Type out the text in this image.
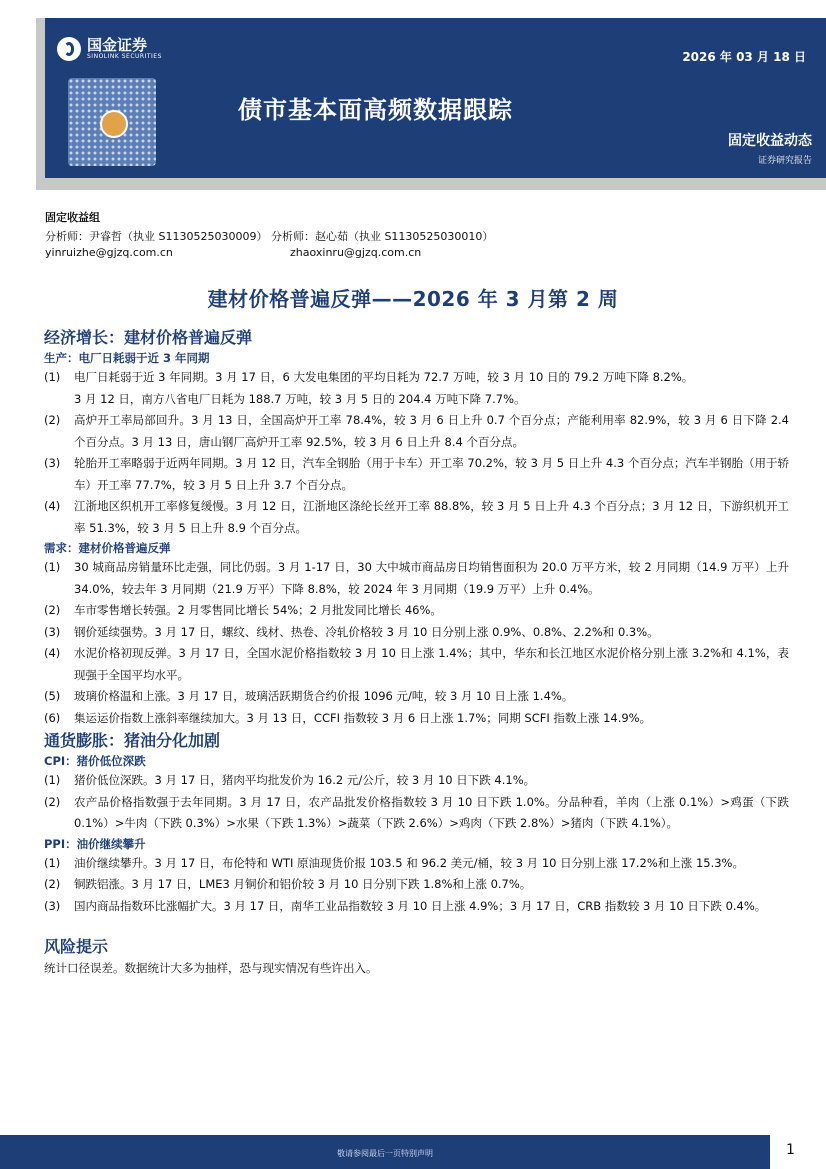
国金证券
SINOLINK SECURITIES	2026 年 03 月 18 日
债市基本面高频数据跟踪
固定收益动态
证券研究报告
固定收益组
分析师：尹睿哲（执业 S1130525030009） 分析师：赵心茹（执业 S1130525030010）
yinruizhe@gjzq.com.cn	zhaoxinru@gjzq.com.cn
建材价格普遍反弹——2026 年 3 月第 2 周
经济增长：建材价格普遍反弹
生产：电厂日耗弱于近 3 年同期
(1)	电厂日耗弱于近 3 年同期。3 月 17 日，6 大发电集团的平均日耗为 72.7 万吨，较 3 月 10 日的 79.2 万吨下降 8.2%。
3 月 12 日，南方八省电厂日耗为 188.7 万吨，较 3 月 5 日的 204.4 万吨下降 7.7%。
(2)	高炉开工率局部回升。3 月 13 日，全国高炉开工率 78.4%，较 3 月 6 日上升 0.7 个百分点；产能利用率 82.9%，较 3 月 6 日下降 2.4 个百分点。3 月 13 日，唐山钢厂高炉开工率 92.5%，较 3 月 6 日上升 8.4 个百分点。
(3)	轮胎开工率略弱于近两年同期。3 月 12 日，汽车全钢胎（用于卡车）开工率 70.2%，较 3 月 5 日上升 4.3 个百分点；汽车半钢胎（用于轿车）开工率 77.7%，较 3 月 5 日上升 3.7 个百分点。
(4)	江浙地区织机开工率修复缓慢。3 月 12 日，江浙地区涤纶长丝开工率 88.8%，较 3 月 5 日上升 4.3 个百分点；3 月 12 日，下游织机开工率 51.3%，较 3 月 5 日上升 8.9 个百分点。
需求：建材价格普遍反弹
(1)	30 城商品房销量环比走强，同比仍弱。3 月 1-17 日，30 大中城市商品房日均销售面积为 20.0 万平方米，较 2 月同期（14.9 万平）上升 34.0%，较去年 3 月同期（21.9 万平）下降 8.8%，较 2024 年 3 月同期（19.9 万平）上升 0.4%。
(2)	车市零售增长转强。2 月零售同比增长 54%；2 月批发同比增长 46%。
(3)	钢价延续强势。3 月 17 日，螺纹、线材、热卷、冷轧价格较 3 月 10 日分别上涨 0.9%、0.8%、2.2%和 0.3%。
(4)	水泥价格初现反弹。3 月 17 日，全国水泥价格指数较 3 月 10 日上涨 1.4%；其中，华东和长江地区水泥价格分别上涨 3.2%和 4.1%，表现强于全国平均水平。
(5)	玻璃价格温和上涨。3 月 17 日，玻璃活跃期货合约价报 1096 元/吨，较 3 月 10 日上涨 1.4%。
(6)	集运运价指数上涨斜率继续加大。3 月 13 日，CCFI 指数较 3 月 6 日上涨 1.7%；同期 SCFI 指数上涨 14.9%。
通货膨胀：猪油分化加剧
CPI：猪价低位深跌
(1)	猪价低位深跌。3 月 17 日，猪肉平均批发价为 16.2 元/公斤，较 3 月 10 日下跌 4.1%。
(2)	农产品价格指数强于去年同期。3 月 17 日，农产品批发价格指数较 3 月 10 日下跌 1.0%。分品种看，羊肉（上涨 0.1%）>鸡蛋（下跌 0.1%）>牛肉（下跌 0.3%）>水果（下跌 1.3%）>蔬菜（下跌 2.6%）>鸡肉（下跌 2.8%）>猪肉（下跌 4.1%）。
PPI：油价继续攀升
(1)	油价继续攀升。3 月 17 日，布伦特和 WTI 原油现货价报 103.5 和 96.2 美元/桶，较 3 月 10 日分别上涨 17.2%和上涨 15.3%。
(2)	铜跌铝涨。3 月 17 日，LME3 月铜价和铝价较 3 月 10 日分别下跌 1.8%和上涨 0.7%。
(3)	国内商品指数环比涨幅扩大。3 月 17 日，南华工业品指数较 3 月 10 日上涨 4.9%；3 月 17 日，CRB 指数较 3 月 10 日下跌 0.4%。
风险提示
统计口径误差。数据统计大多为抽样，恐与现实情况有些许出入。
敬请参阅最后一页特别声明	1
